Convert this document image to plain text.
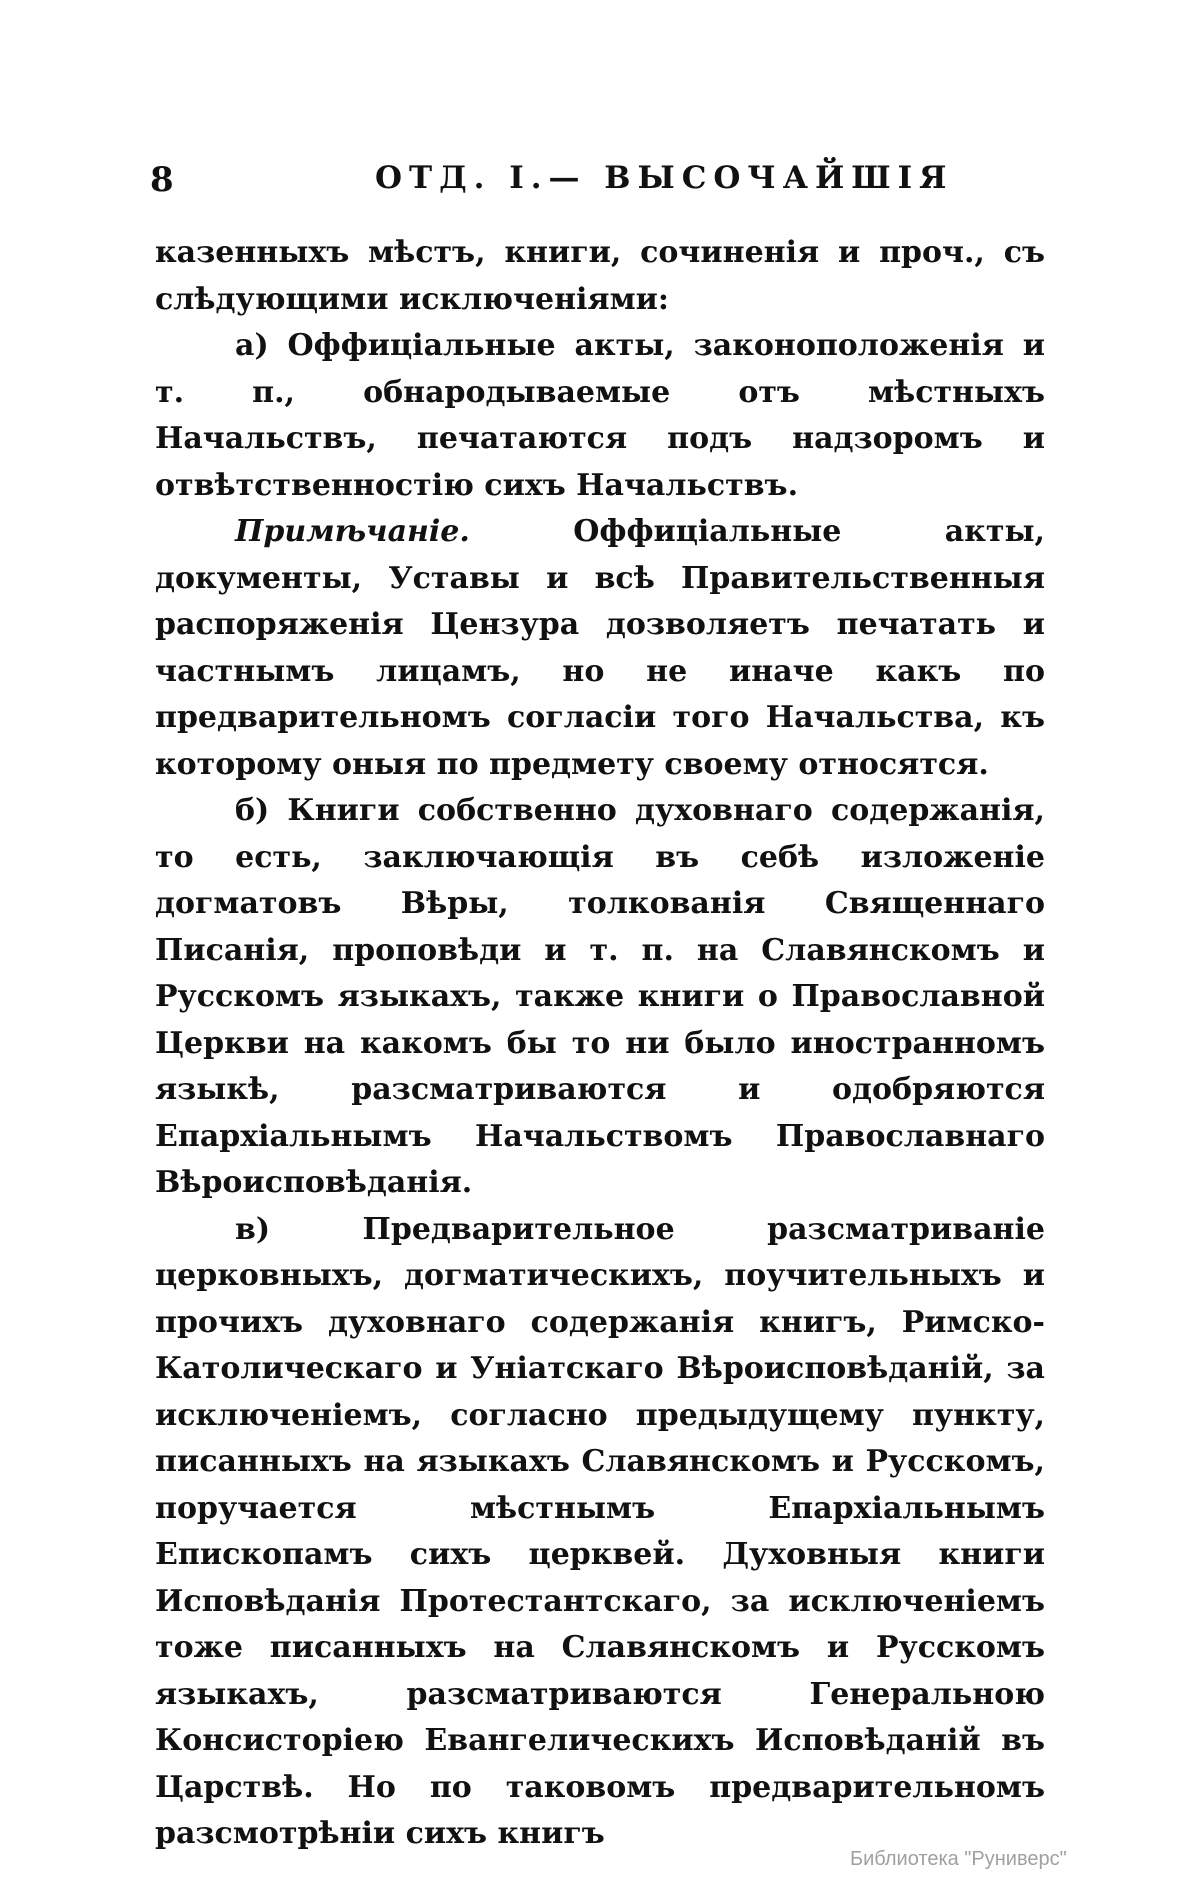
8	ОТД. I.— ВЫСОЧАЙШІЯ

казенныхъ мѣстъ, книги, сочиненія и проч., съ слѣдующими исключеніями:

а) Оффиціальные акты, законоположенія и т. п., обнародываемые отъ мѣстныхъ Начальствъ, печатаются подъ надзоромъ и отвѣтственностію сихъ Начальствъ.

Примѣчаніе. Оффиціальные акты, документы, Уставы и всѣ Правительственныя распоряженія Цензура дозволяетъ печатать и частнымъ лицамъ, но не иначе какъ по предварительномъ согласіи того Начальства, къ которому оныя по предмету своему относятся.

б) Книги собственно духовнаго содержанія, то есть, заключающія въ себѣ изложеніе догматовъ Вѣры, толкованія Священнаго Писанія, проповѣди и т. п. на Славянскомъ и Русскомъ языкахъ, также книги о Православной Церкви на какомъ бы то ни было иностранномъ языкѣ, разсматриваются и одобряются Епархіальнымъ Начальствомъ Православнаго Вѣроисповѣданія.

в) Предварительное разсматриваніе церковныхъ, догматическихъ, поучительныхъ и прочихъ духовнаго содержанія книгъ, Римско-Католическаго и Уніатскаго Вѣроисповѣданій, за исключеніемъ, согласно предыдущему пункту, писанныхъ на языкахъ Славянскомъ и Русскомъ, поручается мѣстнымъ Епархіальнымъ Епископамъ сихъ церквей. Духовныя книги Исповѣданія Протестантскаго, за исключеніемъ тоже писанныхъ на Славянскомъ и Русскомъ языкахъ, разсматриваются Генеральною Консисторіею Евангелическихъ Исповѣданій въ Царствѣ. Но по таковомъ предварительномъ разсмотрѣніи сихъ книгъ

Библиотека "Руниверс"
